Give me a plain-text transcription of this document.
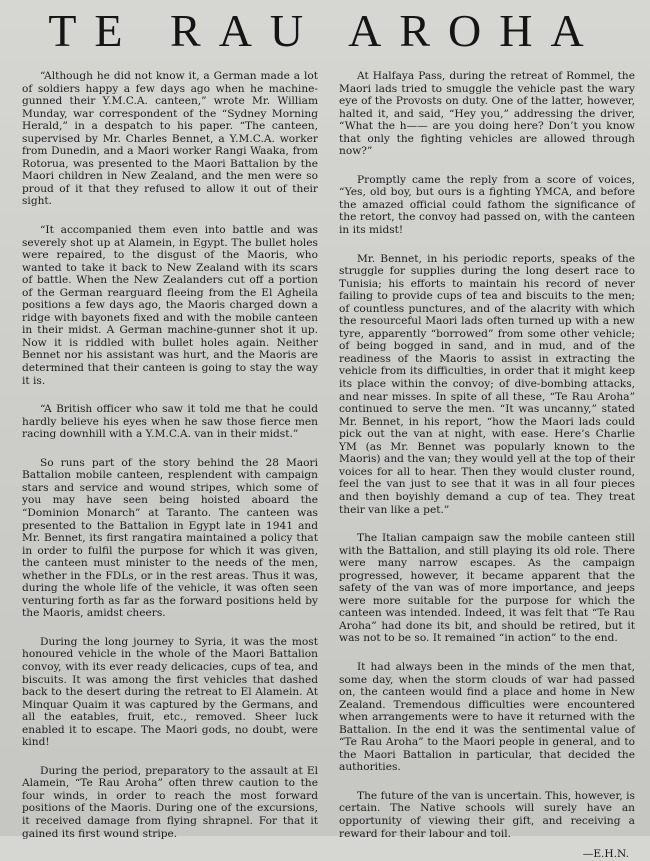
TE RAU AROHA

“Although he did not know it, a German made a lot of soldiers happy a few days ago when he machine-gunned their Y.M.C.A. canteen,” wrote Mr. William Munday, war correspondent of the “Sydney Morning Herald,” in a despatch to his paper. “The canteen, supervised by Mr. Charles Bennet, a Y.M.C.A. worker from Dunedin, and a Maori worker Rangi Waaka, from Rotorua, was presented to the Maori Battalion by the Maori children in New Zealand, and the men were so proud of it that they refused to allow it out of their sight.

“It accompanied them even into battle and was severely shot up at Alamein, in Egypt. The bullet holes were repaired, to the disgust of the Maoris, who wanted to take it back to New Zealand with its scars of battle. When the New Zealanders cut off a portion of the German rearguard fleeing from the El Agheila positions a few days ago, the Maoris charged down a ridge with bayonets fixed and with the mobile canteen in their midst. A German machine-gunner shot it up. Now it is riddled with bullet holes again. Neither Bennet nor his assistant was hurt, and the Maoris are determined that their canteen is going to stay the way it is.

“A British officer who saw it told me that he could hardly believe his eyes when he saw those fierce men racing downhill with a Y.M.C.A. van in their midst.”

So runs part of the story behind the 28 Maori Battalion mobile canteen, resplendent with campaign stars and service and wound stripes, which some of you may have seen being hoisted aboard the “Dominion Monarch” at Taranto. The canteen was presented to the Battalion in Egypt late in 1941 and Mr. Bennet, its first rangatira maintained a policy that in order to fulfil the purpose for which it was given, the canteen must minister to the needs of the men, whether in the FDLs, or in the rest areas. Thus it was, during the whole life of the vehicle, it was often seen venturing forth as far as the forward positions held by the Maoris, amidst cheers.

During the long journey to Syria, it was the most honoured vehicle in the whole of the Maori Battalion convoy, with its ever ready delicacies, cups of tea, and biscuits. It was among the first vehicles that dashed back to the desert during the retreat to El Alamein. At Minquar Quaim it was captured by the Germans, and all the eatables, fruit, etc., removed. Sheer luck enabled it to escape. The Maori gods, no doubt, were kind!

During the period, preparatory to the assault at El Alamein, “Te Rau Aroha” often threw caution to the four winds, in order to reach the most forward positions of the Maoris. During one of the excursions, it received damage from flying shrapnel. For that it gained its first wound stripe.

At Halfaya Pass, during the retreat of Rommel, the Maori lads tried to smuggle the vehicle past the wary eye of the Provosts on duty. One of the latter, however, halted it, and said, “Hey you,” addressing the driver, “What the h—— are you doing here? Don’t you know that only the fighting vehicles are allowed through now?”

Promptly came the reply from a score of voices, “Yes, old boy, but ours is a fighting YMCA, and before the amazed official could fathom the significance of the retort, the convoy had passed on, with the canteen in its midst!

Mr. Bennet, in his periodic reports, speaks of the struggle for supplies during the long desert race to Tunisia; his efforts to maintain his record of never failing to provide cups of tea and biscuits to the men; of countless punctures, and of the alacrity with which the resourceful Maori lads often turned up with a new tyre, apparently “borrowed” from some other vehicle; of being bogged in sand, and in mud, and of the readiness of the Maoris to assist in extracting the vehicle from its difficulties, in order that it might keep its place within the convoy; of dive-bombing attacks, and near misses. In spite of all these, “Te Rau Aroha” continued to serve the men. “It was uncanny,” stated Mr. Bennet, in his report, “how the Maori lads could pick out the van at night, with ease. Here’s Charlie YM (as Mr. Bennet was popularly known to the Maoris) and the van; they would yell at the top of their voices for all to hear. Then they would cluster round, feel the van just to see that it was in all four pieces and then boyishly demand a cup of tea. They treat their van like a pet.”

The Italian campaign saw the mobile canteen still with the Battalion, and still playing its old role. There were many narrow escapes. As the campaign progressed, however, it became apparent that the safety of the van was of more importance, and jeeps were more suitable for the purpose for which the canteen was intended. Indeed, it was felt that “Te Rau Aroha” had done its bit, and should be retired, but it was not to be so. It remained “in action” to the end.

It had always been in the minds of the men that, some day, when the storm clouds of war had passed on, the canteen would find a place and home in New Zealand. Tremendous difficulties were encountered when arrangements were to have it returned with the Battalion. In the end it was the sentimental value of “Te Rau Aroha” to the Maori people in general, and to the Maori Battalion in particular, that decided the authorities.

The future of the van is uncertain. This, however, is certain. The Native schools will surely have an opportunity of viewing their gift, and receiving a reward for their labour and toil.

—E.H.N.
